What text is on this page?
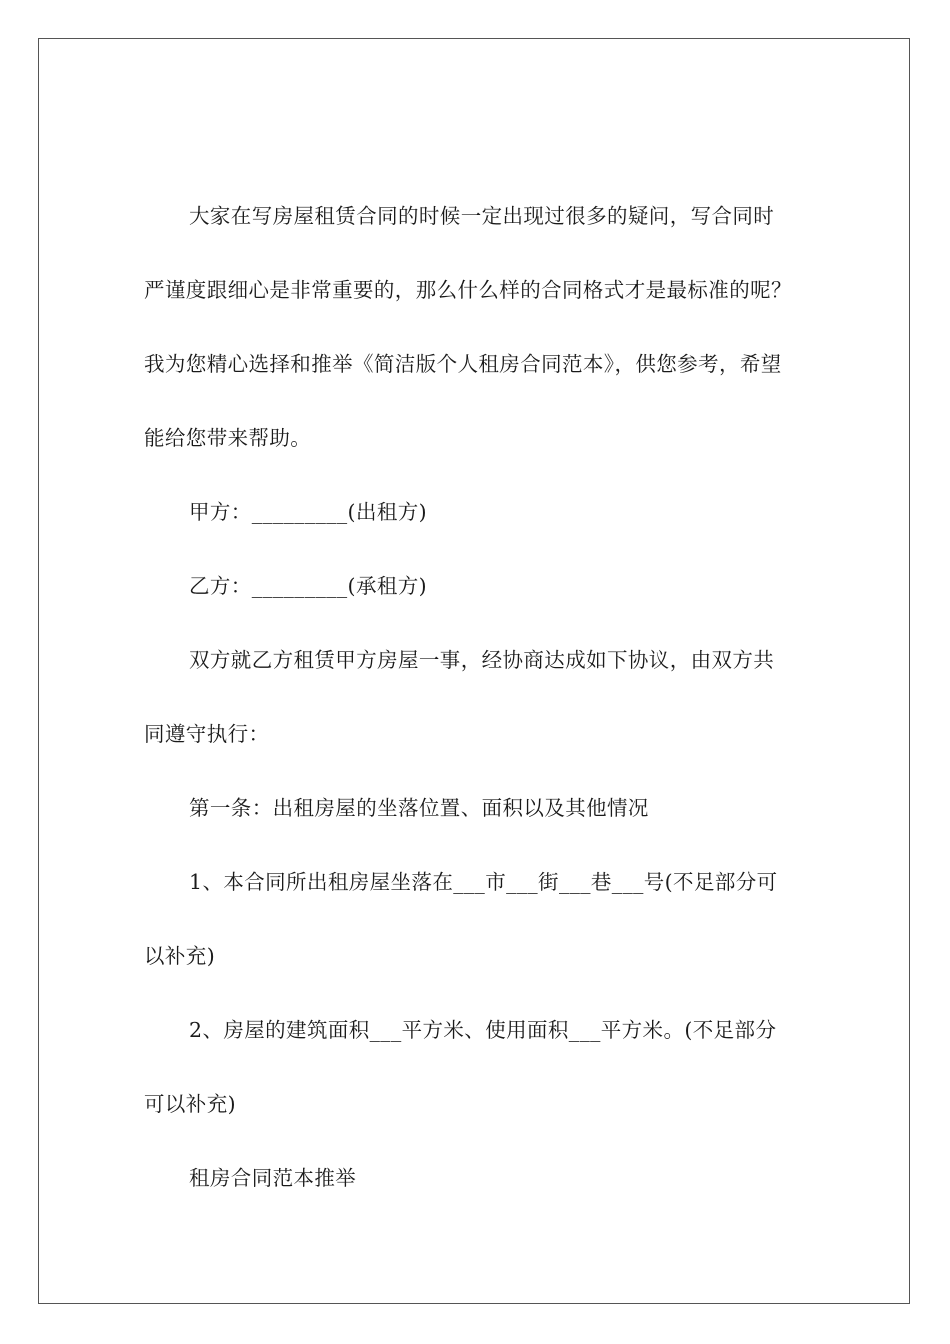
大家在写房屋租赁合同的时候一定出现过很多的疑问，写合同时严谨度跟细心是非常重要的，那么什么样的合同格式才是最标准的呢？我为您精心选择和推举《简洁版个人租房合同范本》，供您参考，希望能给您带来帮助。

甲方：_________(出租方)

乙方：_________(承租方)

双方就乙方租赁甲方房屋一事，经协商达成如下协议，由双方共同遵守执行：

第一条：出租房屋的坐落位置、面积以及其他情况

1、本合同所出租房屋坐落在___市___街___巷___号(不足部分可以补充)

2、房屋的建筑面积___平方米、使用面积___平方米。(不足部分可以补充)

租房合同范本推举
